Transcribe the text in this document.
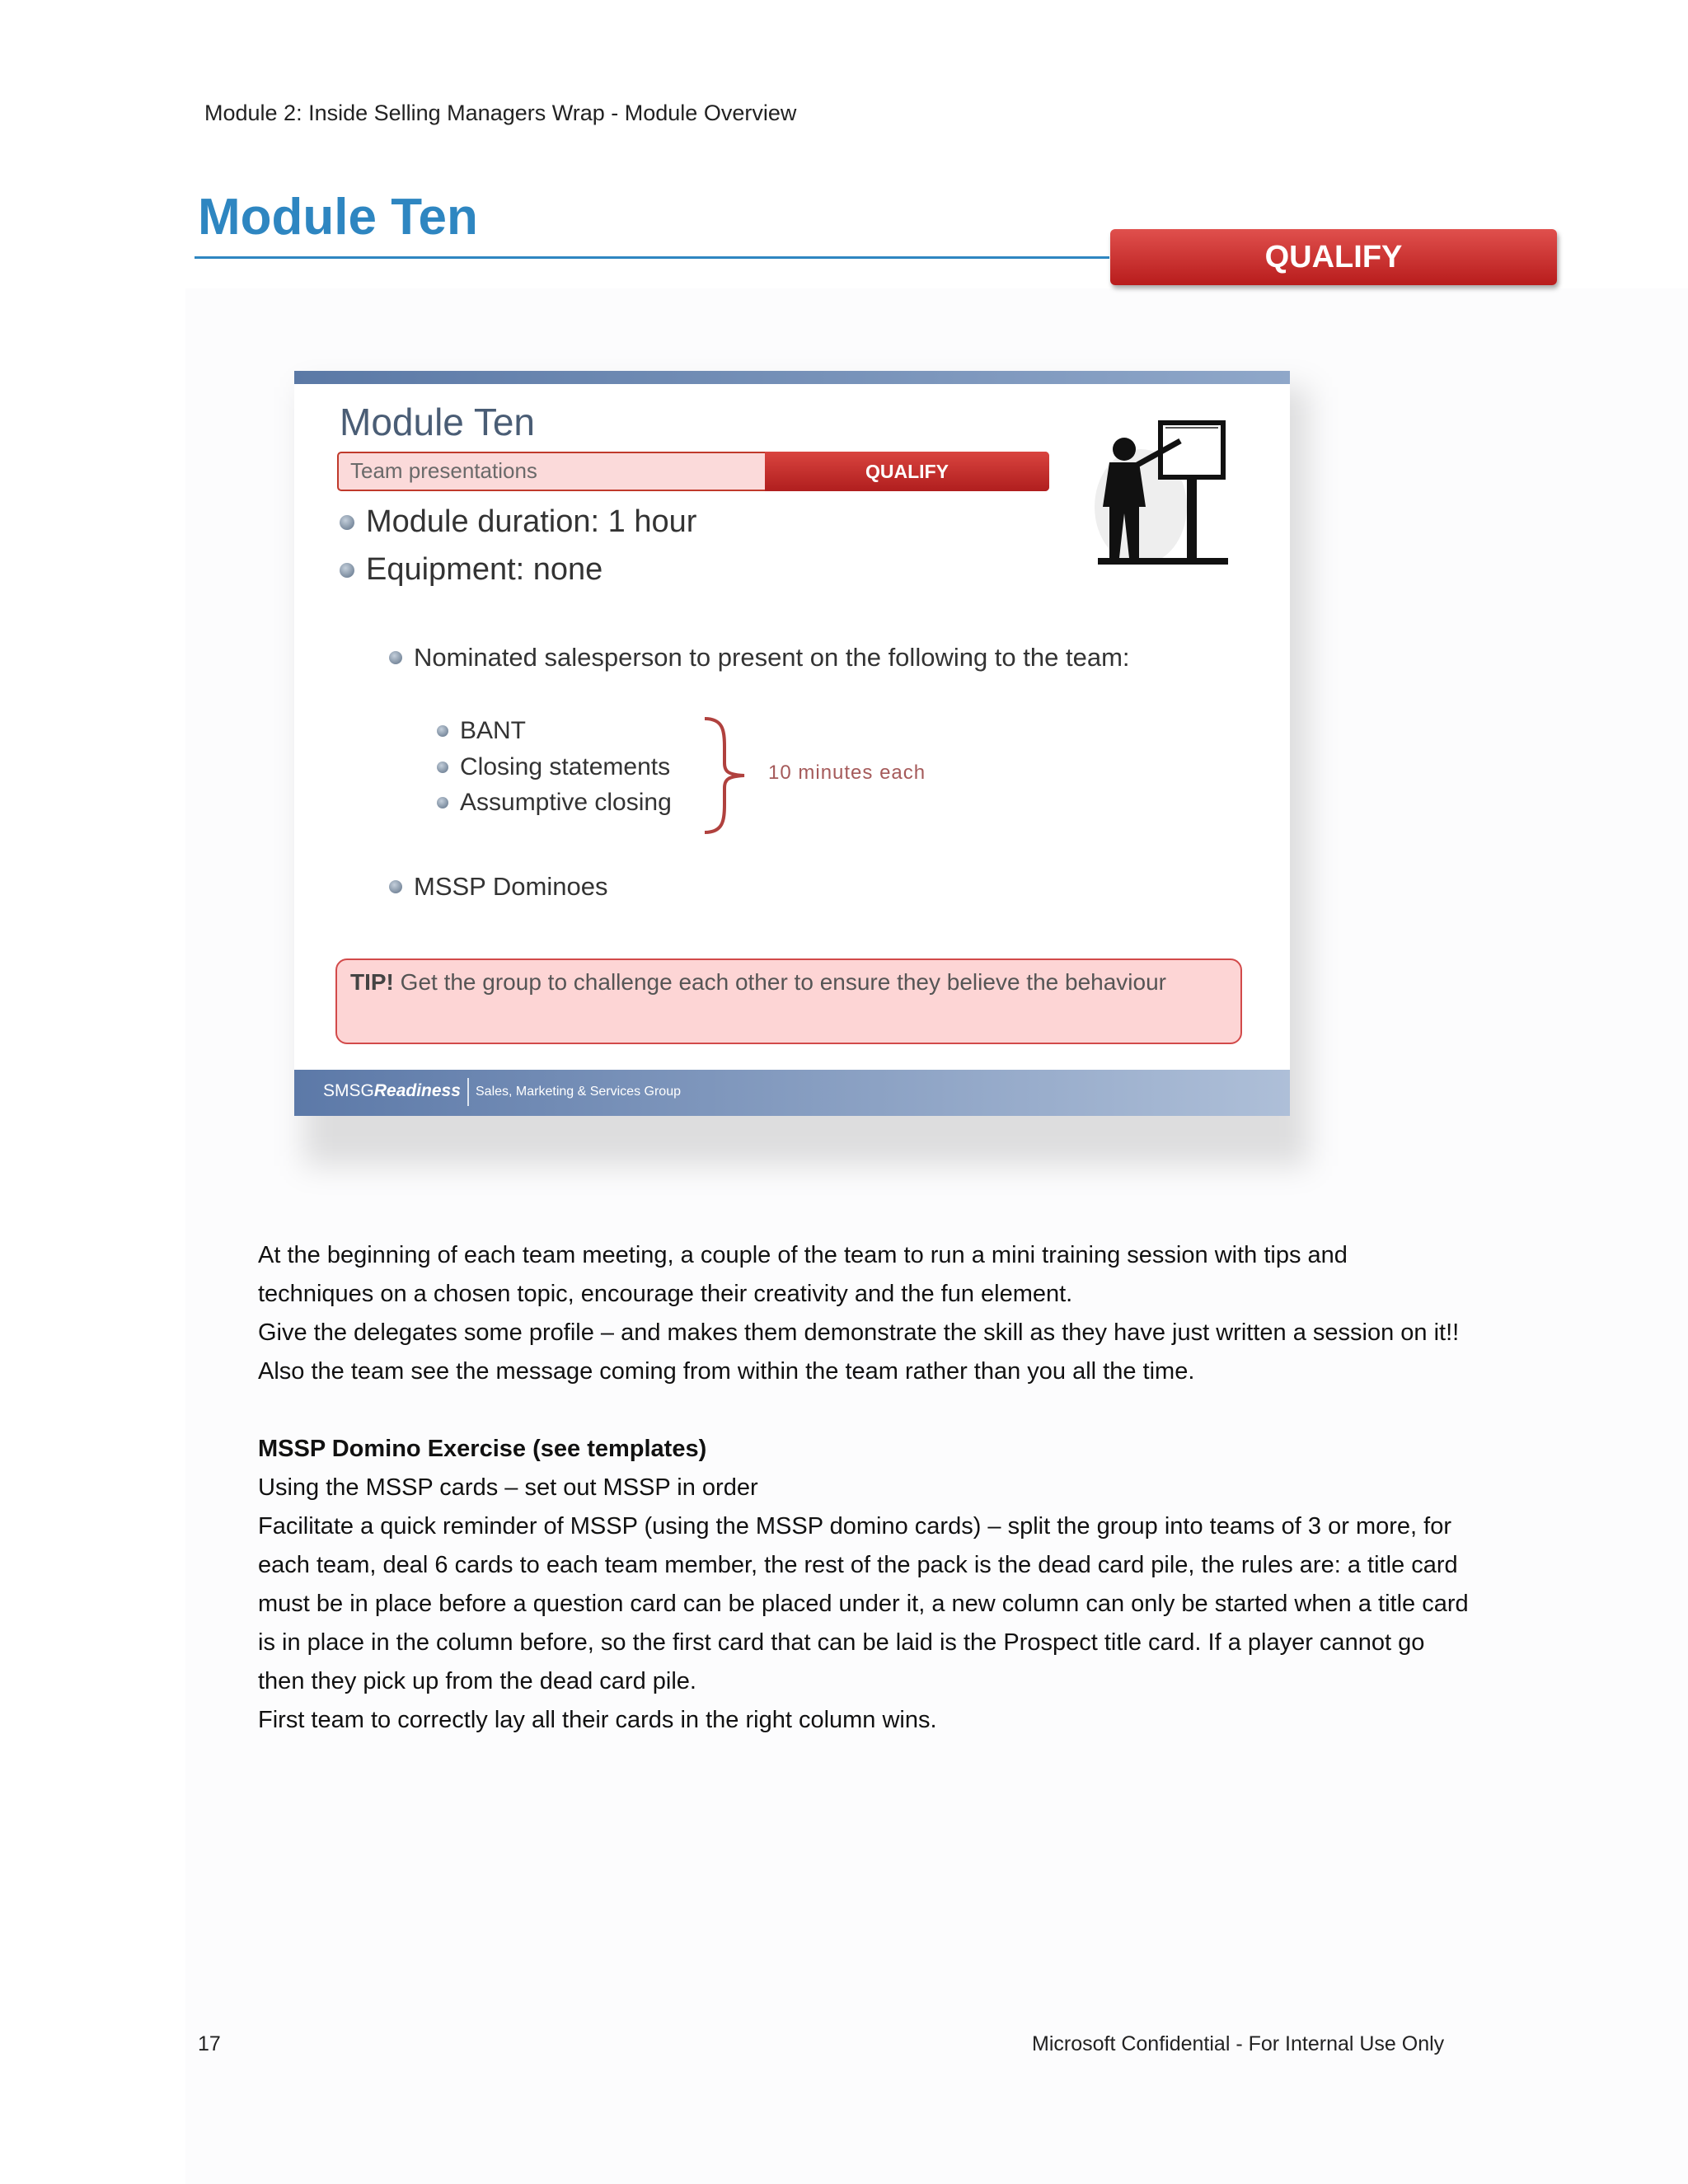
Module 2: Inside Selling Managers Wrap - Module Overview
Module Ten
QUALIFY
Module Ten
Team presentations	QUALIFY
Module duration: 1 hour
Equipment: none
Nominated salesperson to present on the following to the team:
BANT
Closing statements
Assumptive closing
10 minutes each
MSSP Dominoes
TIP! Get the group to challenge each other to ensure they believe the behaviour
SMSGReadiness Sales, Marketing & Services Group

At the beginning of each team meeting, a couple of the team to run a mini training session with tips and

techniques on a chosen topic, encourage their creativity and the fun element.

Give the delegates some profile – and makes them demonstrate the skill as they have just written a session on it!!

Also the team see the message coming from within the team rather than you all the time.

MSSP Domino Exercise (see templates)

Using the MSSP cards – set out MSSP in order

Facilitate a quick reminder of MSSP (using the MSSP domino cards) – split the group into teams of 3 or more, for

each team, deal 6 cards to each team member, the rest of the pack is the dead card pile, the rules are: a title card

must be in place before a question card can be placed under it, a new column can only be started when a title card

is in place in the column before, so the first card that can be laid is the Prospect title card. If a player cannot go

then they pick up from the dead card pile.

First team to correctly lay all their cards in the right column wins.

17	Microsoft Confidential - For Internal Use Only
